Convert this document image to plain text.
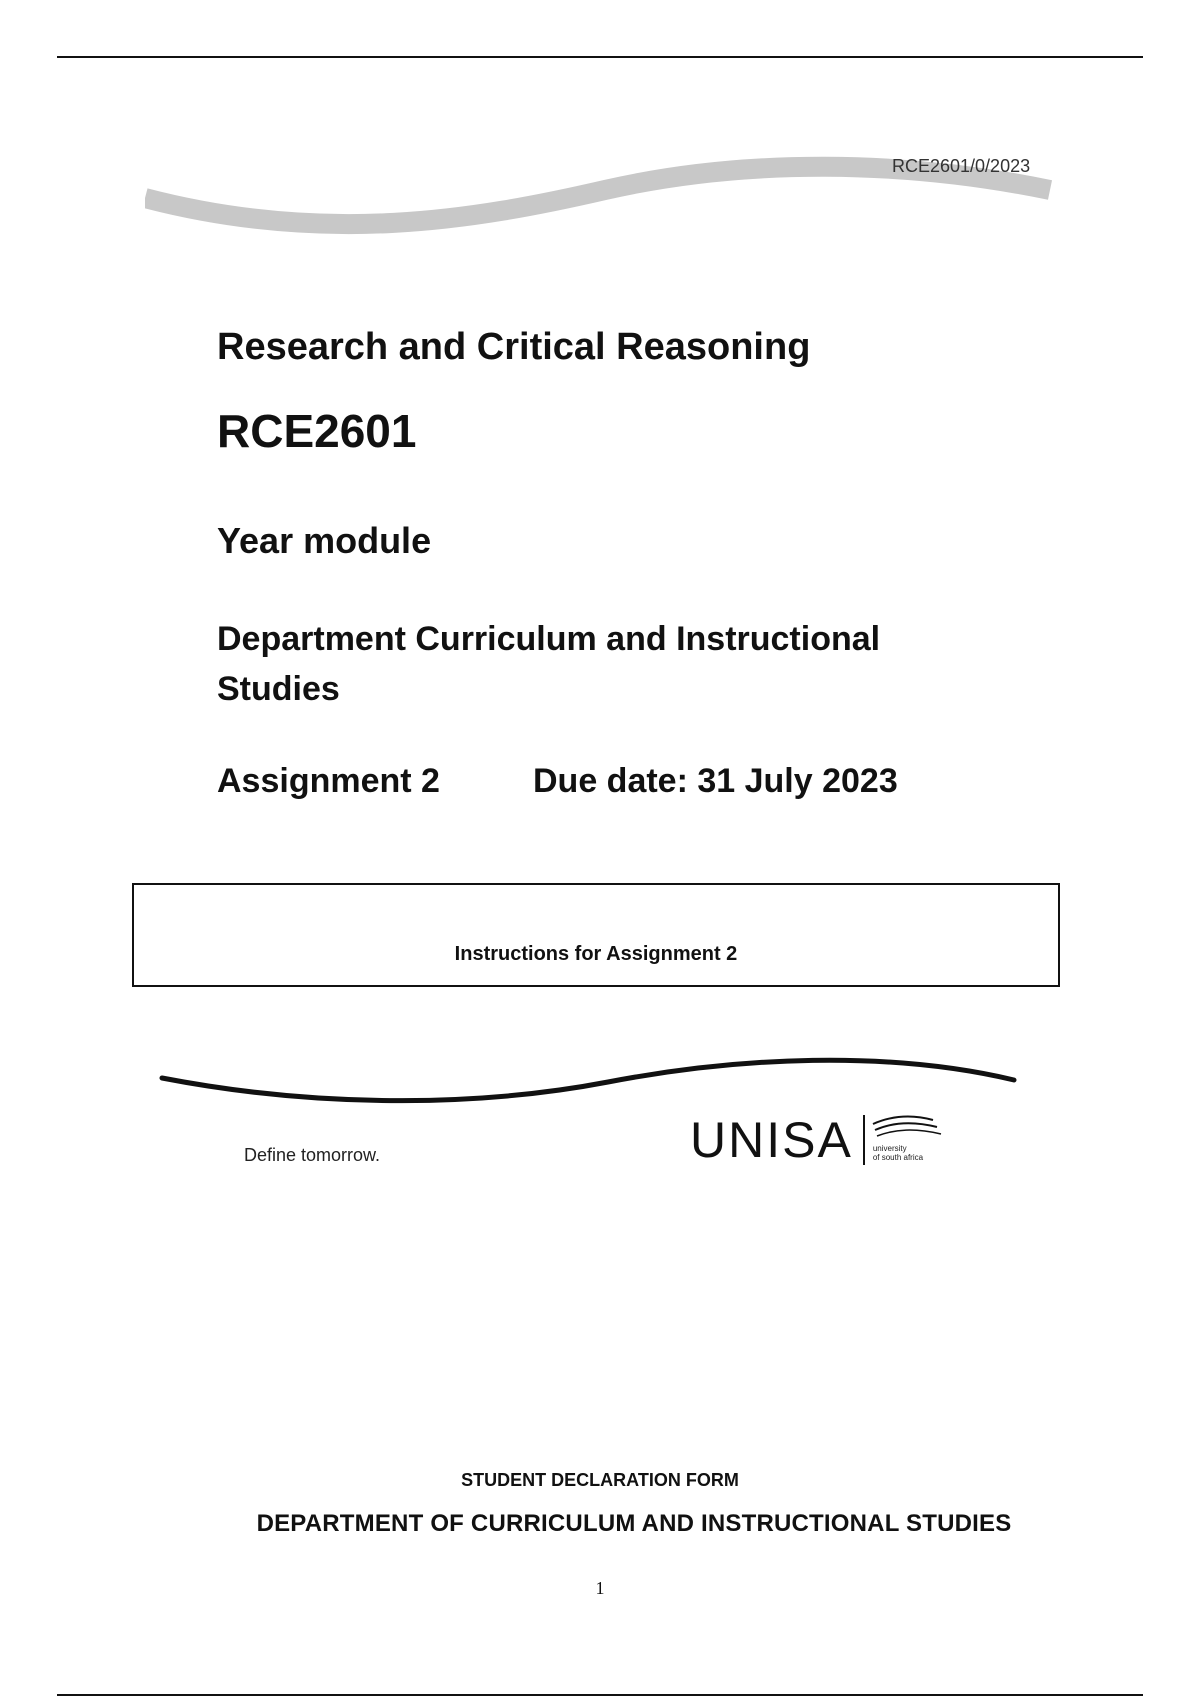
RCE2601/0/2023
Research and Critical Reasoning
RCE2601
Year module
Department Curriculum and Instructional Studies
Assignment 2	Due date: 31 July 2023
Instructions for Assignment 2
Define tomorrow.	UNISA	university
of south africa
STUDENT DECLARATION FORM
DEPARTMENT OF CURRICULUM AND INSTRUCTIONAL STUDIES
1
